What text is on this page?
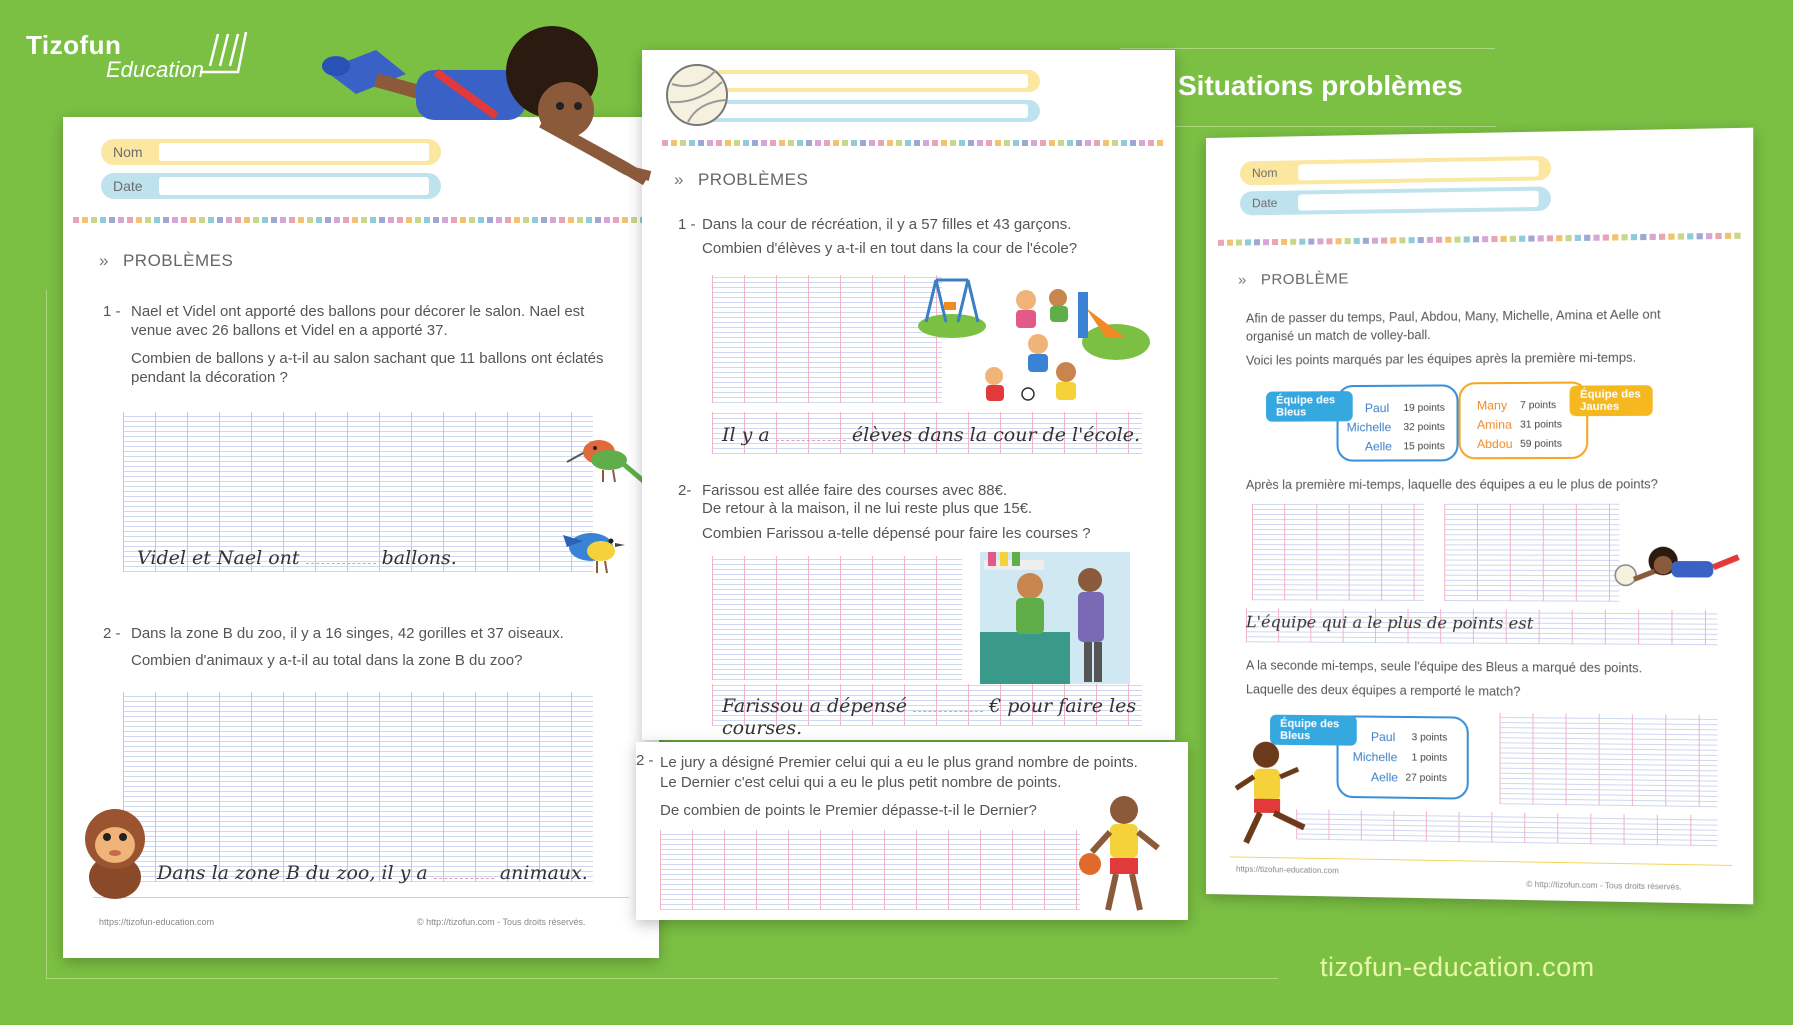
Tizofun
Education
Situations problèmes
tizofun-education.com
Nom
Date
» PROBLÈMES
1 - Nael et Videl ont apporté des ballons pour décorer le salon. Nael est
venue avec 26 ballons et Videl en a apporté 37.
Combien de ballons y a-t-il au salon sachant que 11 ballons ont éclatés
pendant la décoration ?
Videl et Nael ont	ballons.
2 - Dans la zone B du zoo, il y a 16 singes, 42 gorilles et 37 oiseaux.
Combien d'animaux y a-t-il au total dans la zone B du zoo?
Dans la zone B du zoo, il y a	animaux.
https://tizofun-education.com	© http://tizofun.com - Tous droits réservés.
» PROBLÈMES
1 - Dans la cour de récréation, il y a 57 filles et 43 garçons.
Combien d'élèves y a-t-il en tout dans la cour de l'école?
Il y a	élèves dans la cour de l'école.
2- Farissou est allée faire des courses avec 88€.
De retour à la maison, il ne lui reste plus que 15€.
Combien Farissou a-telle dépensé pour faire les courses ?
Farissou a dépensé	€ pour faire les courses.
2 - Le jury a désigné Premier celui qui a eu le plus grand nombre de points.
Le Dernier c'est celui qui a eu le plus petit nombre de points.
De combien de points le Premier dépasse-t-il le Dernier?
Nom
Date
» PROBLÈME
Afin de passer du temps, Paul, Abdou, Many, Michelle, Amina et Aelle ont
organisé un match de volley-ball.
Voici les points marqués par les équipes après la première mi-temps.
Équipe des Bleus	Paul 19 points
Michelle 32 points
Aelle 15 points
Équipe des Jaunes
Many 7 points
Amina 31 points
Abdou 59 points
Après la première mi-temps, laquelle des équipes a eu le plus de points?
L'équipe qui a le plus de points est
A la seconde mi-temps, seule l'équipe des Bleus a marqué des points.
Laquelle des deux équipes a remporté le match?
Équipe des Bleus	Paul 3 points
Michelle 1 points
Aelle 27 points
https://tizofun-education.com
© http://tizofun.com - Tous droits réservés.
